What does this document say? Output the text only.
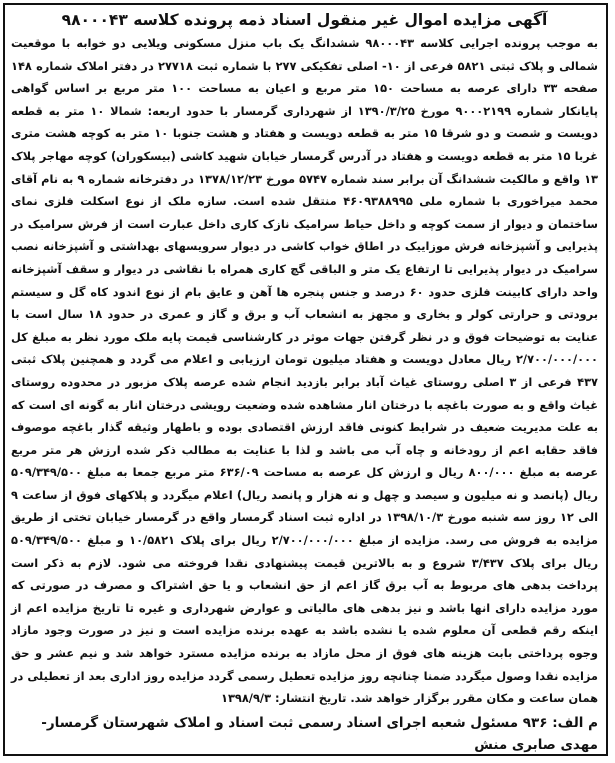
آگهی مزایده اموال غیر منقول اسناد ذمه پرونده کلاسه ۹۸۰۰۰۴۳

به موجب پرونده اجرایی کلاسه ۹۸۰۰۰۴۳ ششدانگ یک باب منزل مسکونی ویلایی دو خوابه با موقعیت شمالی و پلاک ثبتی ۵۸۲۱ فرعی از ۱۰- اصلی تفکیکی ۲۷۷ با شماره ثبت ۲۷۷۱۸ در دفتر املاک شماره ۱۴۸ صفحه ۳۳ دارای عرصه به مساحت ۱۵۰ متر مربع و اعیان به مساحت ۱۰۰ متر مربع بر اساس گواهی پایانکار شماره ۹۰۰۰۲۱۹۹ مورخ ۱۳۹۰/۳/۲۵ از شهرداری گرمسار با حدود اربعه: شمالا ۱۰ متر به قطعه دویست و شصت و دو شرقا ۱۵ متر به قطعه دویست و هفتاد و هشت جنوبا ۱۰ متر به کوچه هشت متری غربا ۱۵ متر به قطعه دویست و هفتاد در آدرس گرمسار خیابان شهید کاشی (بیسکوران) کوچه مهاجر پلاک ۱۳ واقع و مالکیت ششدانگ آن برابر سند شماره ۵۷۴۷ مورخ ۱۳۷۸/۱۲/۲۳ در دفترخانه شماره ۹ به نام آقای محمد میراخوری با شماره ملی ۴۶۰۹۳۸۸۹۹۵ منتقل شده است. سازه ملک از نوع اسکلت فلزی نمای ساختمان و دیوار از سمت کوچه و داخل حیاط سرامیک نازک کاری داخل عبارت است از فرش سرامیک در پذیرایی و آشپزخانه فرش موزاییک در اطاق خواب کاشی در دیوار سرویسهای بهداشتی و آشپزخانه نصب سرامیک در دیوار پذیرایی تا ارتفاع یک متر و الباقی گچ کاری همراه با نقاشی در دیوار و سقف آشپزخانه واحد دارای کابینت فلزی حدود ۶۰ درصد و جنس پنجره ها آهن و عایق بام از نوع اندود کاه گل و سیستم برودتی و حرارتی کولر و بخاری و مجهز به انشعاب آب و برق و گاز و عمری در حدود ۱۸ سال است با عنایت به توضیحات فوق و در نظر گرفتن جهات موثر در کارشناسی قیمت پایه ملک مورد نظر به مبلغ کل ۲/۷۰۰/۰۰۰/۰۰۰ ریال معادل دویست و هفتاد میلیون تومان ارزیابی و اعلام می گردد و همچنین پلاک ثبتی ۴۳۷ فرعی از ۳ اصلی روستای غیاث آباد برابر بازدید انجام شده عرصه پلاک مزبور در محدوده روستای غیاث واقع و به صورت باغچه با درختان انار مشاهده شده وضعیت رویشی درختان انار به گونه ای است که به علت مدیریت ضعیف در شرایط کنونی فاقد ارزش اقتصادی بوده و باطهار وثیقه گذار باغچه موصوف فاقد حقابه اعم از رودخانه و چاه آب می باشد و لذا با عنایت به مطالب ذکر شده ارزش هر متر مربع عرصه به مبلغ ۸۰۰/۰۰۰ ریال و ارزش کل عرصه به مساحت ۶۳۶/۰۹ متر مربع جمعا به مبلغ ۵۰۹/۳۴۹/۵۰۰ ریال (پانصد و نه میلیون و سیصد و چهل و نه هزار و پانصد ریال) اعلام میگردد و پلاکهای فوق از ساعت ۹ الی ۱۲ روز سه شنبه مورخ ۱۳۹۸/۱۰/۳ در اداره ثبت اسناد گرمسار واقع در گرمسار خیابان تختی از طریق مزایده به فروش می رسد. مزایده از مبلغ ۲/۷۰۰/۰۰۰/۰۰۰ ریال برای پلاک ۱۰/۵۸۲۱ و مبلغ ۵۰۹/۳۴۹/۵۰۰ ریال برای پلاک ۳/۴۳۷ شروع و به بالاترین قیمت پیشنهادی نقدا فروخته می شود. لازم به ذکر است پرداخت بدهی های مربوط به آب برق گاز اعم از حق انشعاب و یا حق اشتراک و مصرف در صورتی که مورد مزایده دارای انها باشد و نیز بدهی های مالیاتی و عوارض شهرداری و غیره تا تاریخ مزایده اعم از اینکه رقم قطعی آن معلوم شده یا نشده باشد به عهده برنده مزایده است و نیز در صورت وجود مازاد وجوه پرداختی بابت هزینه های فوق از محل مازاد به برنده مزایده مسترد خواهد شد و نیم عشر و حق مزایده نقدا وصول میگردد ضمنا چنانچه روز مزایده تعطیل رسمی گردد مزایده روز اداری بعد از تعطیلی در همان ساعت و مکان مقرر برگزار خواهد شد. تاریخ انتشار: ۱۳۹۸/۹/۳

م الف: ۹۳۶ مسئول شعبه اجرای اسناد رسمی ثبت اسناد و املاک شهرستان گرمسار-
مهدی صابری منش
